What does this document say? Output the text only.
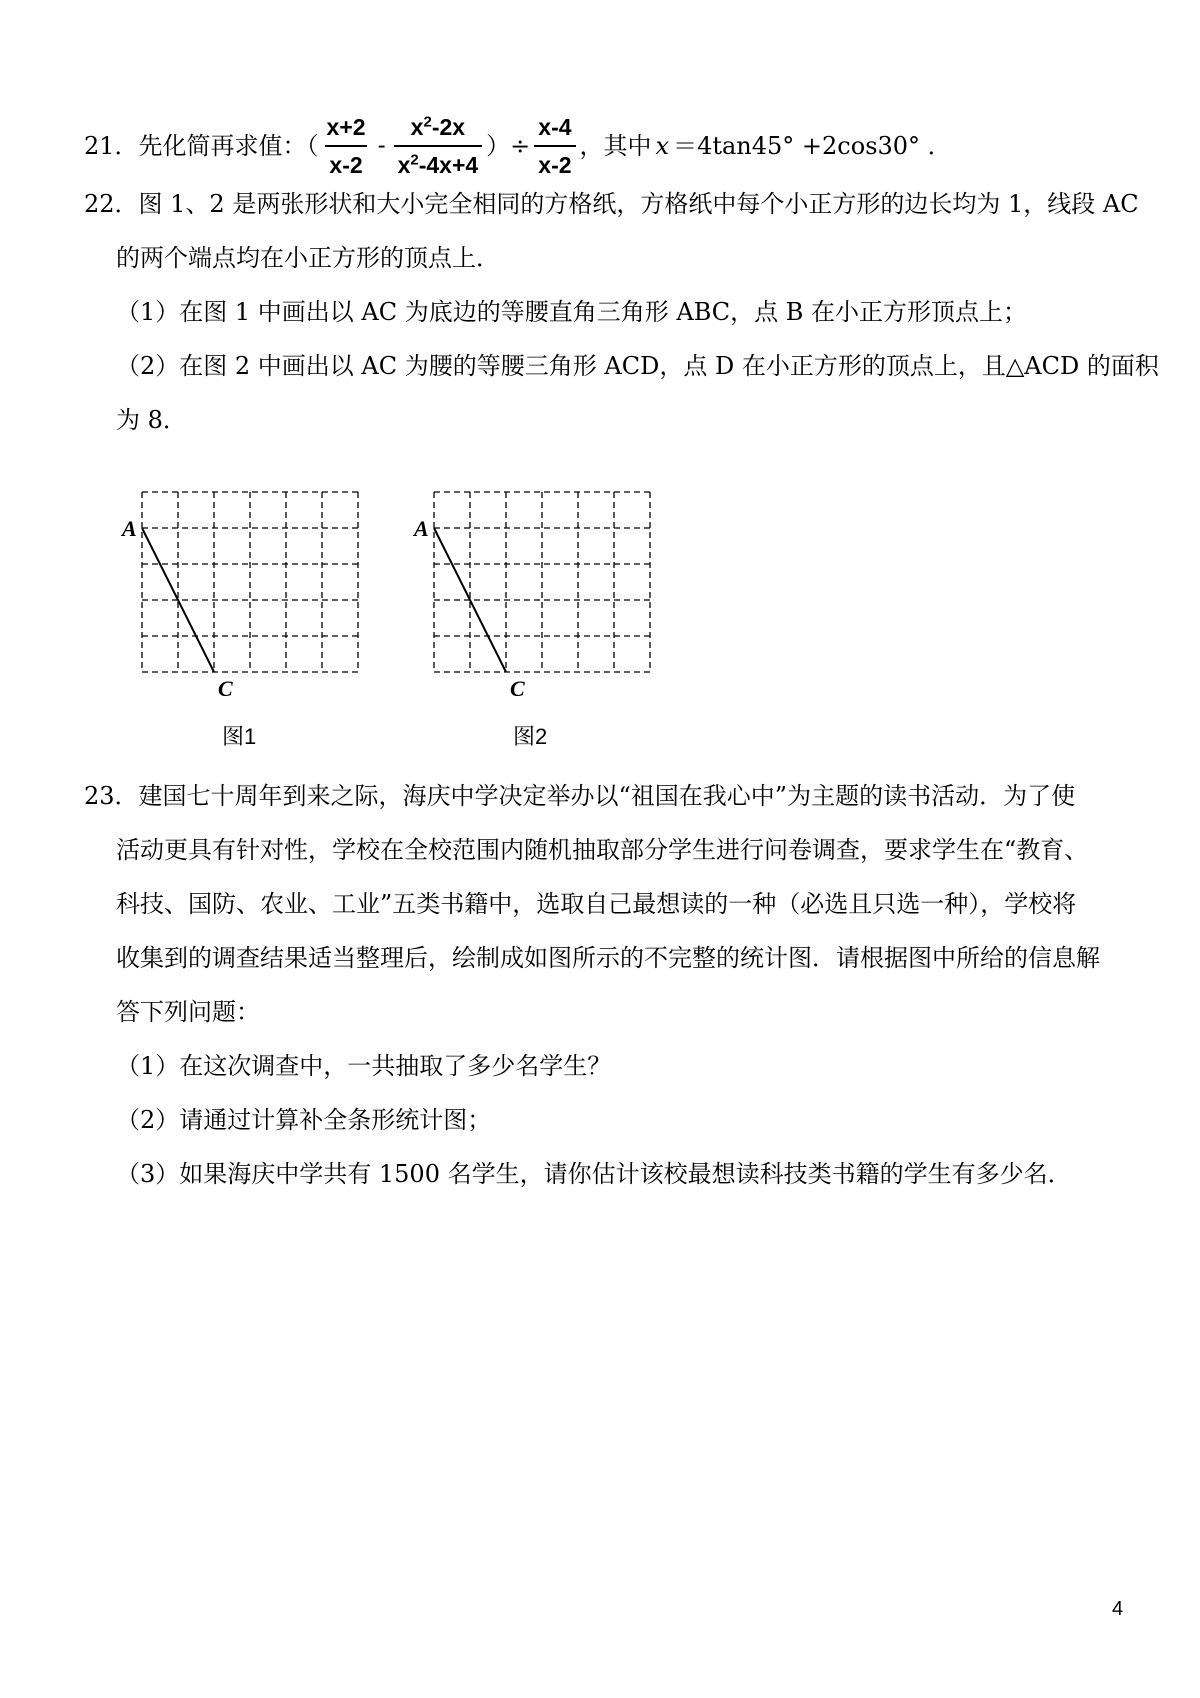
21．先化简再求值：（ $\frac{x+2}{x-2} - \frac{x^2-2x}{x^2-4x+4}$ ）÷ $\frac{x-4}{x-2}$ ，其中 x ＝4tan45° +2cos30° ．
22．图 1、2 是两张形状和大小完全相同的方格纸，方格纸中每个小正方形的边长均为 1，线段 AC
的两个端点均在小正方形的顶点上．
（1）在图 1 中画出以 AC 为底边的等腰直角三角形 ABC，点 B 在小正方形顶点上；
（2）在图 2 中画出以 AC 为腰的等腰三角形 ACD，点 D 在小正方形的顶点上，且△ACD 的面积
为 8．
A
C
图1
A
C
图2
23．建国七十周年到来之际，海庆中学决定举办以“祖国在我心中”为主题的读书活动．为了使
活动更具有针对性，学校在全校范围内随机抽取部分学生进行问卷调查，要求学生在“教育、
科技、国防、农业、工业”五类书籍中，选取自己最想读的一种（必选且只选一种），学校将
收集到的调查结果适当整理后，绘制成如图所示的不完整的统计图．请根据图中所给的信息解
答下列问题：
（1）在这次调查中，一共抽取了多少名学生？
（2）请通过计算补全条形统计图；
（3）如果海庆中学共有 1500 名学生，请你估计该校最想读科技类书籍的学生有多少名．
4
